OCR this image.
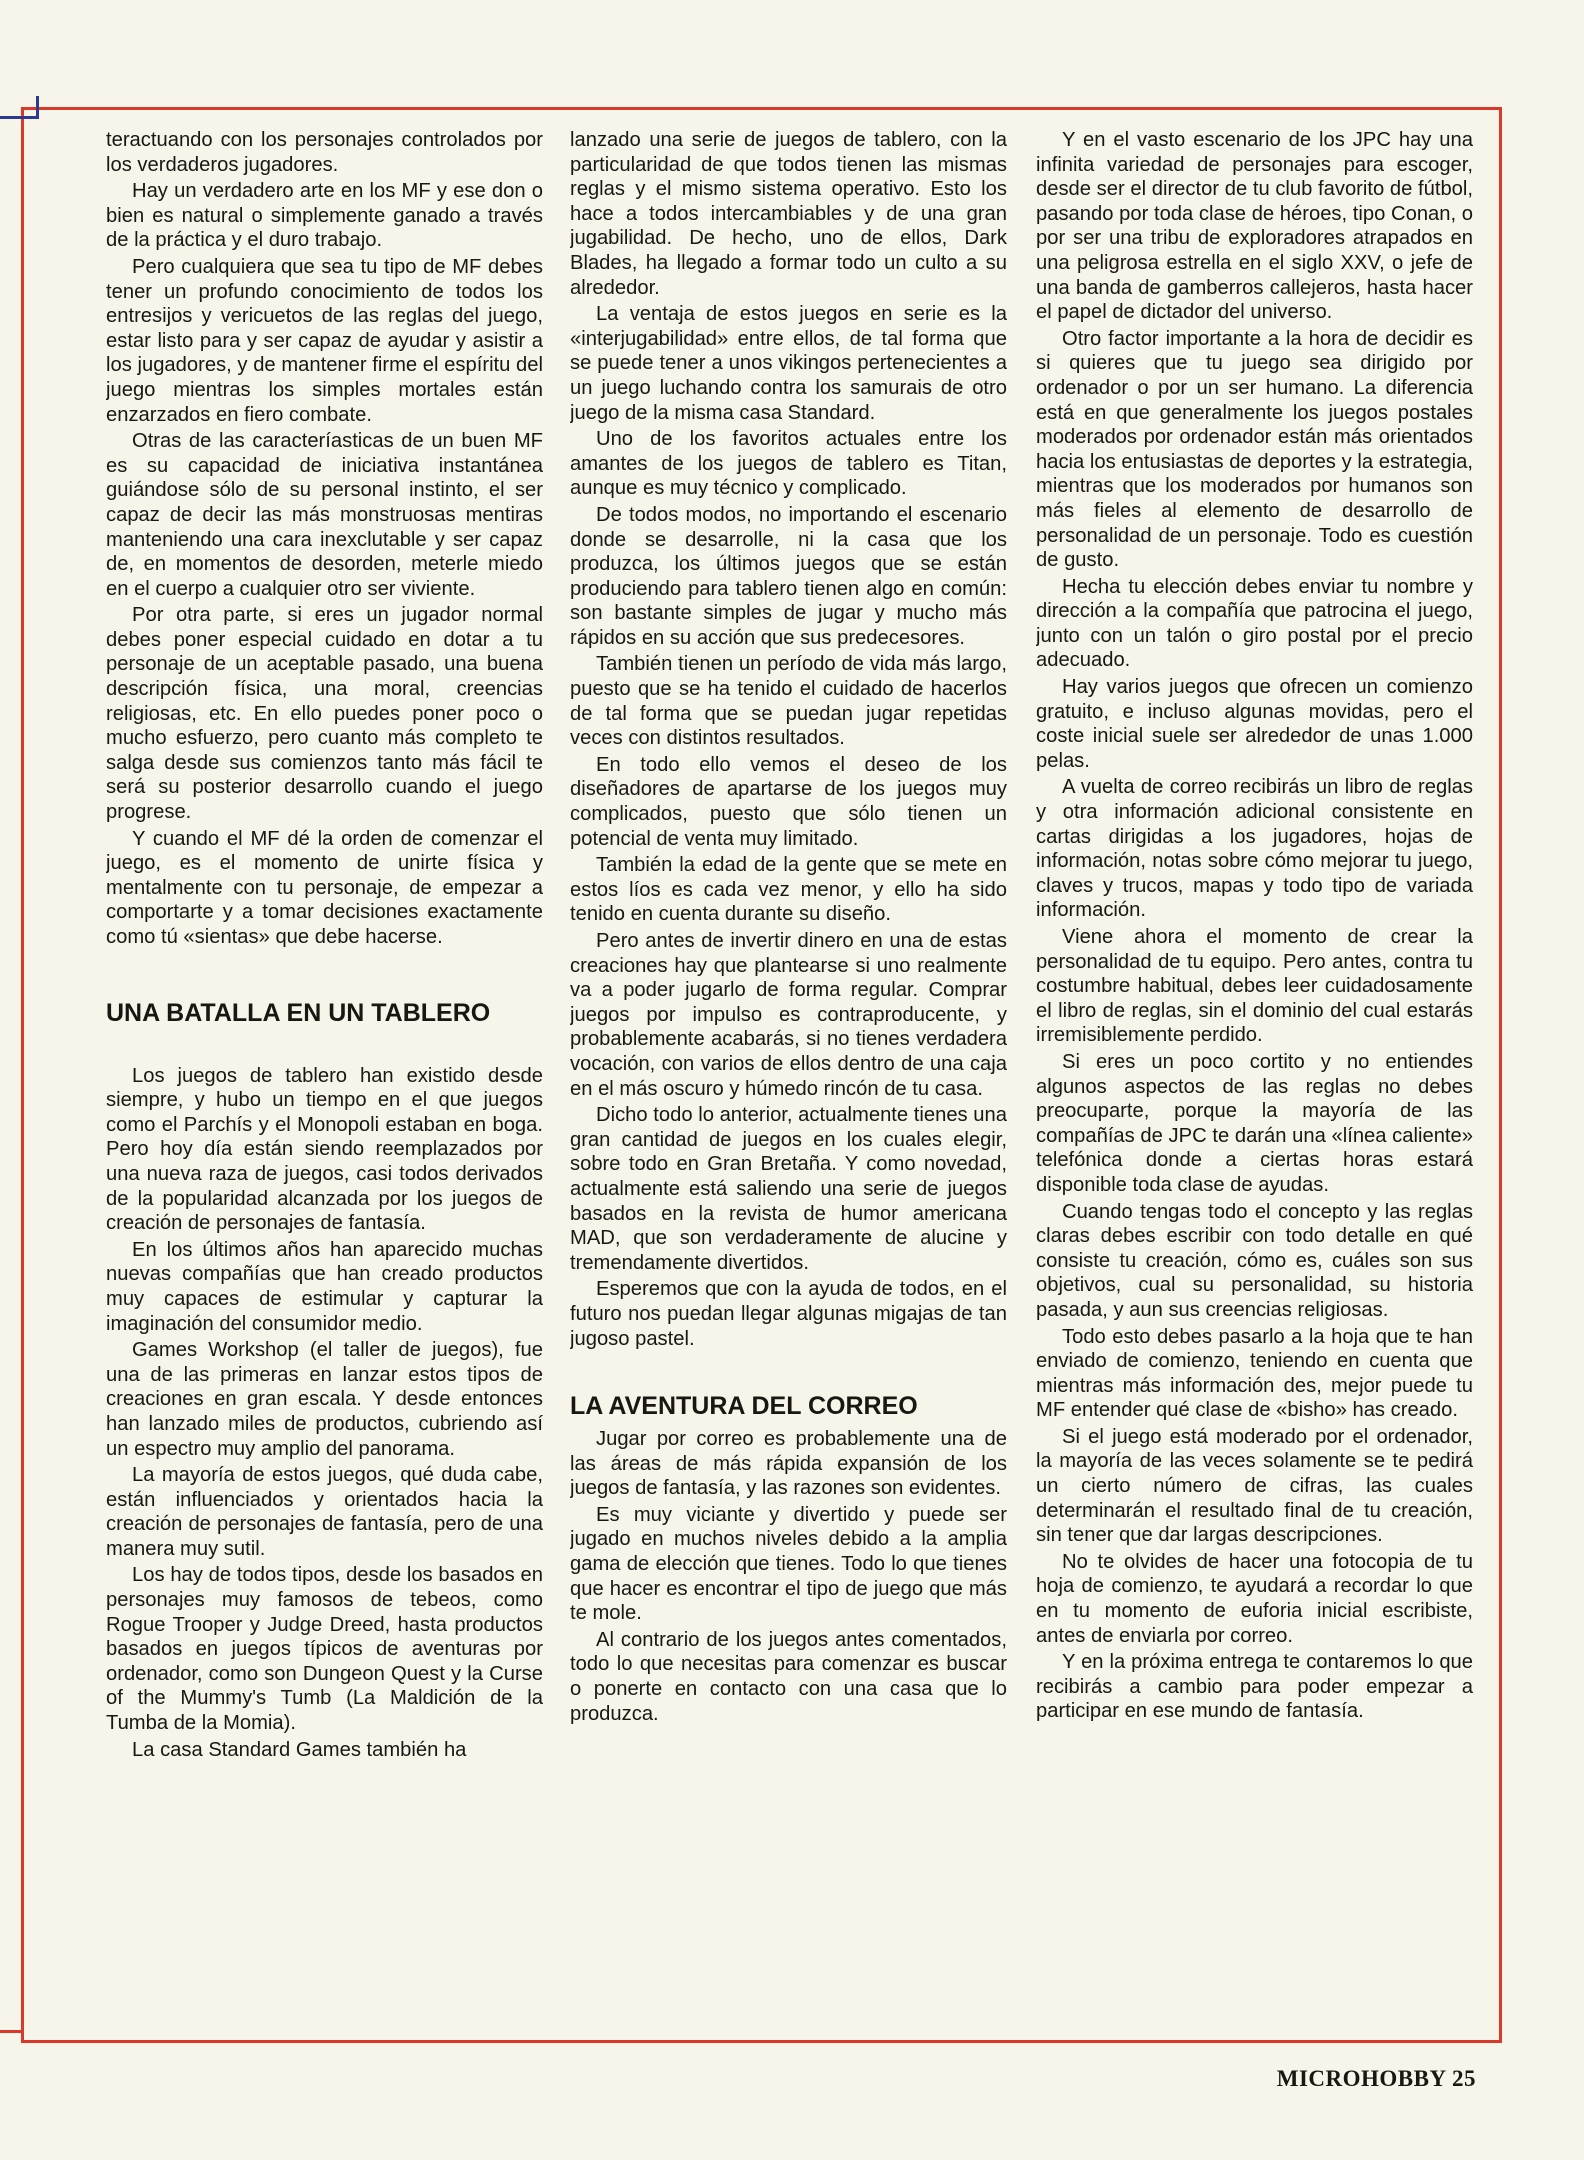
teractuando con los personajes controlados por los verdaderos jugadores.

Hay un verdadero arte en los MF y ese don o bien es natural o simplemente ganado a través de la práctica y el duro trabajo.

Pero cualquiera que sea tu tipo de MF debes tener un profundo conocimiento de todos los entresijos y vericuetos de las reglas del juego, estar listo para y ser capaz de ayudar y asistir a los jugadores, y de mantener firme el espíritu del juego mientras los simples mortales están enzarzados en fiero combate.

Otras de las caracteríasticas de un buen MF es su capacidad de iniciativa instantánea guiándose sólo de su personal instinto, el ser capaz de decir las más monstruosas mentiras manteniendo una cara inexclutable y ser capaz de, en momentos de desorden, meterle miedo en el cuerpo a cualquier otro ser viviente.

Por otra parte, si eres un jugador normal debes poner especial cuidado en dotar a tu personaje de un aceptable pasado, una buena descripción física, una moral, creencias religiosas, etc. En ello puedes poner poco o mucho esfuerzo, pero cuanto más completo te salga desde sus comienzos tanto más fácil te será su posterior desarrollo cuando el juego progrese.

Y cuando el MF dé la orden de comenzar el juego, es el momento de unirte física y mentalmente con tu personaje, de empezar a comportarte y a tomar decisiones exactamente como tú «sientas» que debe hacerse.

UNA BATALLA EN UN TABLERO

Los juegos de tablero han existido desde siempre, y hubo un tiempo en el que juegos como el Parchís y el Monopoli estaban en boga. Pero hoy día están siendo reemplazados por una nueva raza de juegos, casi todos derivados de la popularidad alcanzada por los juegos de creación de personajes de fantasía.

En los últimos años han aparecido muchas nuevas compañías que han creado productos muy capaces de estimular y capturar la imaginación del consumidor medio.

Games Workshop (el taller de juegos), fue una de las primeras en lanzar estos tipos de creaciones en gran escala. Y desde entonces han lanzado miles de productos, cubriendo así un espectro muy amplio del panorama.

La mayoría de estos juegos, qué duda cabe, están influenciados y orientados hacia la creación de personajes de fantasía, pero de una manera muy sutil.

Los hay de todos tipos, desde los basados en personajes muy famosos de tebeos, como Rogue Trooper y Judge Dreed, hasta productos basados en juegos típicos de aventuras por ordenador, como son Dungeon Quest y la Curse of the Mummy's Tumb (La Maldición de la Tumba de la Momia).

La casa Standard Games también ha

lanzado una serie de juegos de tablero, con la particularidad de que todos tienen las mismas reglas y el mismo sistema operativo. Esto los hace a todos intercambiables y de una gran jugabilidad. De hecho, uno de ellos, Dark Blades, ha llegado a formar todo un culto a su alrededor.

La ventaja de estos juegos en serie es la «interjugabilidad» entre ellos, de tal forma que se puede tener a unos vikingos pertenecientes a un juego luchando contra los samurais de otro juego de la misma casa Standard.

Uno de los favoritos actuales entre los amantes de los juegos de tablero es Titan, aunque es muy técnico y complicado.

De todos modos, no importando el escenario donde se desarrolle, ni la casa que los produzca, los últimos juegos que se están produciendo para tablero tienen algo en común: son bastante simples de jugar y mucho más rápidos en su acción que sus predecesores.

También tienen un período de vida más largo, puesto que se ha tenido el cuidado de hacerlos de tal forma que se puedan jugar repetidas veces con distintos resultados.

En todo ello vemos el deseo de los diseñadores de apartarse de los juegos muy complicados, puesto que sólo tienen un potencial de venta muy limitado.

También la edad de la gente que se mete en estos líos es cada vez menor, y ello ha sido tenido en cuenta durante su diseño.

Pero antes de invertir dinero en una de estas creaciones hay que plantearse si uno realmente va a poder jugarlo de forma regular. Comprar juegos por impulso es contraproducente, y probablemente acabarás, si no tienes verdadera vocación, con varios de ellos dentro de una caja en el más oscuro y húmedo rincón de tu casa.

Dicho todo lo anterior, actualmente tienes una gran cantidad de juegos en los cuales elegir, sobre todo en Gran Bretaña. Y como novedad, actualmente está saliendo una serie de juegos basados en la revista de humor americana MAD, que son verdaderamente de alucine y tremendamente divertidos.

Esperemos que con la ayuda de todos, en el futuro nos puedan llegar algunas migajas de tan jugoso pastel.

LA AVENTURA DEL CORREO

Jugar por correo es probablemente una de las áreas de más rápida expansión de los juegos de fantasía, y las razones son evidentes.

Es muy viciante y divertido y puede ser jugado en muchos niveles debido a la amplia gama de elección que tienes. Todo lo que tienes que hacer es encontrar el tipo de juego que más te mole.

Al contrario de los juegos antes comentados, todo lo que necesitas para comenzar es buscar o ponerte en contacto con una casa que lo produzca.

Y en el vasto escenario de los JPC hay una infinita variedad de personajes para escoger, desde ser el director de tu club favorito de fútbol, pasando por toda clase de héroes, tipo Conan, o por ser una tribu de exploradores atrapados en una peligrosa estrella en el siglo XXV, o jefe de una banda de gamberros callejeros, hasta hacer el papel de dictador del universo.

Otro factor importante a la hora de decidir es si quieres que tu juego sea dirigido por ordenador o por un ser humano. La diferencia está en que generalmente los juegos postales moderados por ordenador están más orientados hacia los entusiastas de deportes y la estrategia, mientras que los moderados por humanos son más fieles al elemento de desarrollo de personalidad de un personaje. Todo es cuestión de gusto.

Hecha tu elección debes enviar tu nombre y dirección a la compañía que patrocina el juego, junto con un talón o giro postal por el precio adecuado.

Hay varios juegos que ofrecen un comienzo gratuito, e incluso algunas movidas, pero el coste inicial suele ser alrededor de unas 1.000 pelas.

A vuelta de correo recibirás un libro de reglas y otra información adicional consistente en cartas dirigidas a los jugadores, hojas de información, notas sobre cómo mejorar tu juego, claves y trucos, mapas y todo tipo de variada información.

Viene ahora el momento de crear la personalidad de tu equipo. Pero antes, contra tu costumbre habitual, debes leer cuidadosamente el libro de reglas, sin el dominio del cual estarás irremisiblemente perdido.

Si eres un poco cortito y no entiendes algunos aspectos de las reglas no debes preocuparte, porque la mayoría de las compañías de JPC te darán una «línea caliente» telefónica donde a ciertas horas estará disponible toda clase de ayudas.

Cuando tengas todo el concepto y las reglas claras debes escribir con todo detalle en qué consiste tu creación, cómo es, cuáles son sus objetivos, cual su personalidad, su historia pasada, y aun sus creencias religiosas.

Todo esto debes pasarlo a la hoja que te han enviado de comienzo, teniendo en cuenta que mientras más información des, mejor puede tu MF entender qué clase de «bisho» has creado.

Si el juego está moderado por el ordenador, la mayoría de las veces solamente se te pedirá un cierto número de cifras, las cuales determinarán el resultado final de tu creación, sin tener que dar largas descripciones.

No te olvides de hacer una fotocopia de tu hoja de comienzo, te ayudará a recordar lo que en tu momento de euforia inicial escribiste, antes de enviarla por correo.

Y en la próxima entrega te contaremos lo que recibirás a cambio para poder empezar a participar en ese mundo de fantasía.

MICROHOBBY 25
